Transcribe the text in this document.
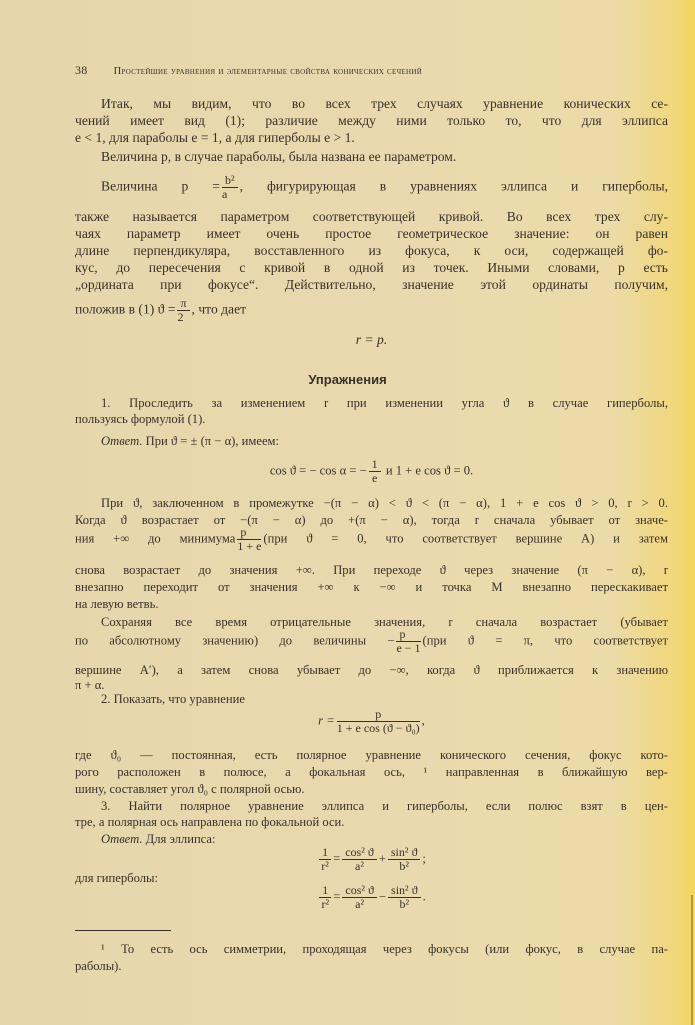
38 Простейшие уравнения и элементарные свойства конических сечений
Итак, мы видим, что во всех трех случаях уравнение конических се-
чений имеет вид (1); различие между ними только то, что для эллипса
e < 1, для параболы e = 1, а для гиперболы e > 1.
Величина p, в случае параболы, была названа ее параметром.
Величина $p = \frac{\text{b²}}{a}$ , фигурирующая в уравнениях эллипса и гиперболы,
также называется параметром соответствующей кривой. Во всех трех слу-
чаях параметр имеет очень простое геометрическое значение: он равен
длине перпендикуляра, восставленного из фокуса, к оси, содержащей фо-
кус, до пересечения с кривой в одной из точек. Иными словами, p есть
„ордината при фокусе“. Действительно, значение этой ординаты получим,
положив в (1) $ϑ = \frac{\pi}{2}$ , что дает
r = p.
Упражнения
1. Проследить за изменением r при изменении угла ϑ в случае гиперболы,
пользуясь формулой (1).
Ответ. При ϑ = ± (π − α), имеем:
cos ϑ = − cos α = − $\frac{1}{e}$ и 1 + e cos ϑ = 0.
При ϑ, заключенном в промежутке −(π − α) < ϑ < (π − α), 1 + e cos ϑ > 0, r > 0.
Когда ϑ возрастает от −(π − α) до +(π − α), тогда r сначала убывает от значе-
ния +∞ до минимума $\frac{p}{1 + e} (при$ ϑ = 0, что соответствует вершине A) и затем
снова возрастает до значения +∞. При переходе ϑ через значение (π − α), r
внезапно переходит от значения +∞ к −∞ и точка M внезапно перескакивает
на левую ветвь.
Сохраняя все время отрицательные значения, r сначала возрастает (убывает
по абсолютному значению) до величины − $\frac{p}{e - 1} (при$ ϑ = π, что соответствует
вершине A′), а затем снова убывает до −∞, когда ϑ приближается к значению
π + α.
2. Показать, что уравнение
$r = \frac{p}{\text{1 + e cos (ϑ − ϑ₀)}}$ ,
где ϑ₀ — постоянная, есть полярное уравнение конического сечения, фокус кото-
рого расположен в полюсе, а фокальная ось, ¹ направленная в ближайшую вер-
шину, составляет угол ϑ₀ с полярной осью.
3. Найти полярное уравнение эллипса и гиперболы, если полюс взят в цен-
тре, а полярная ось направлена по фокальной оси.
Ответ. Для эллипса:
$\frac{1}{\text{r²}} = \frac{\text{cos² ϑ}}{\text{a²}} + \frac{\text{sin² ϑ}}{\text{b²}}$ ;
для гиперболы:
$\frac{1}{\text{r²}} = \frac{\text{cos² ϑ}}{\text{a²}} - \frac{\text{sin² ϑ}}{\text{b²}}$ .
¹ То есть ось симметрии, проходящая через фокусы (или фокус, в случае па-
раболы).
